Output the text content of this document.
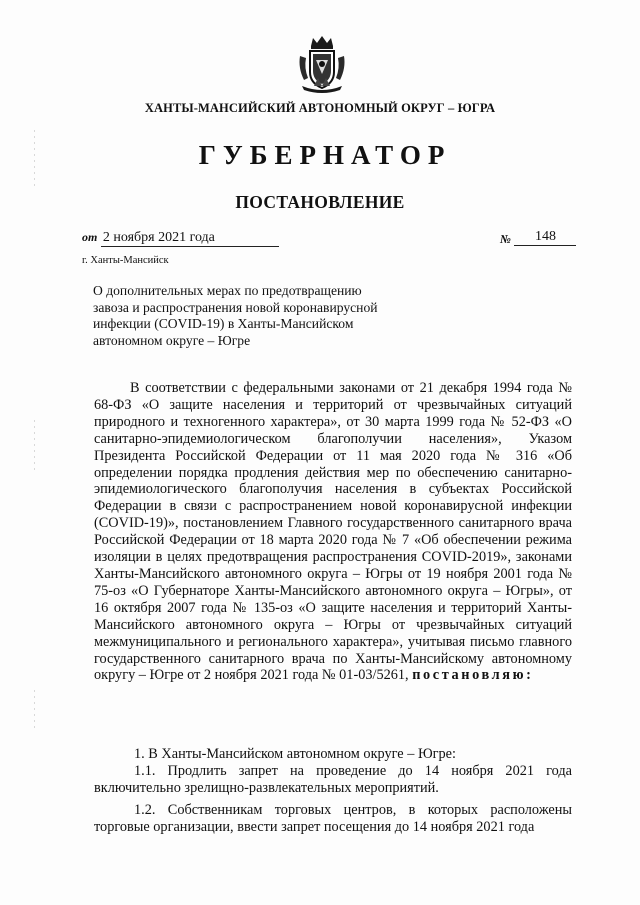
ХАНТЫ-МАНСИЙСКИЙ АВТОНОМНЫЙ ОКРУГ – ЮГРА
ГУБЕРНАТОР
ПОСТАНОВЛЕНИЕ
от 2 ноября 2021 года	№ 148
г. Ханты-Мансийск
О дополнительных мерах по предотвращению
завоза и распространения новой коронавирусной
инфекции (COVID-19) в Ханты-Мансийском
автономном округе – Югре

В соответствии с федеральными законами от 21 декабря 1994 года № 68-ФЗ «О защите населения и территорий от чрезвычайных ситуаций природного и техногенного характера», от 30 марта 1999 года № 52-ФЗ «О санитарно-эпидемиологическом благополучии населения», Указом Президента Российской Федерации от 11 мая 2020 года № 316 «Об определении порядка продления действия мер по обеспечению санитарно-эпидемиологического благополучия населения в субъектах Российской Федерации в связи с распространением новой коронавирусной инфекции (COVID-19)», постановлением Главного государственного санитарного врача Российской Федерации от 18 марта 2020 года № 7 «Об обеспечении режима изоляции в целях предотвращения распространения COVID-2019», законами Ханты-Мансийского автономного округа – Югры от 19 ноября 2001 года № 75-оз «О Губернаторе Ханты-Мансийского автономного округа – Югры», от 16 октября 2007 года № 135-оз «О защите населения и территорий Ханты-Мансийского автономного округа – Югры от чрезвычайных ситуаций межмуниципального и регионального характера», учитывая письмо главного государственного санитарного врача по Ханты-Мансийскому автономному округу – Югре от 2 ноября 2021 года № 01-03/5261, постановляю:

1. В Ханты-Мансийском автономном округе – Югре:

1.1. Продлить запрет на проведение до 14 ноября 2021 года включительно зрелищно-развлекательных мероприятий.

1.2. Собственникам торговых центров, в которых расположены торговые организации, ввести запрет посещения до 14 ноября 2021 года
